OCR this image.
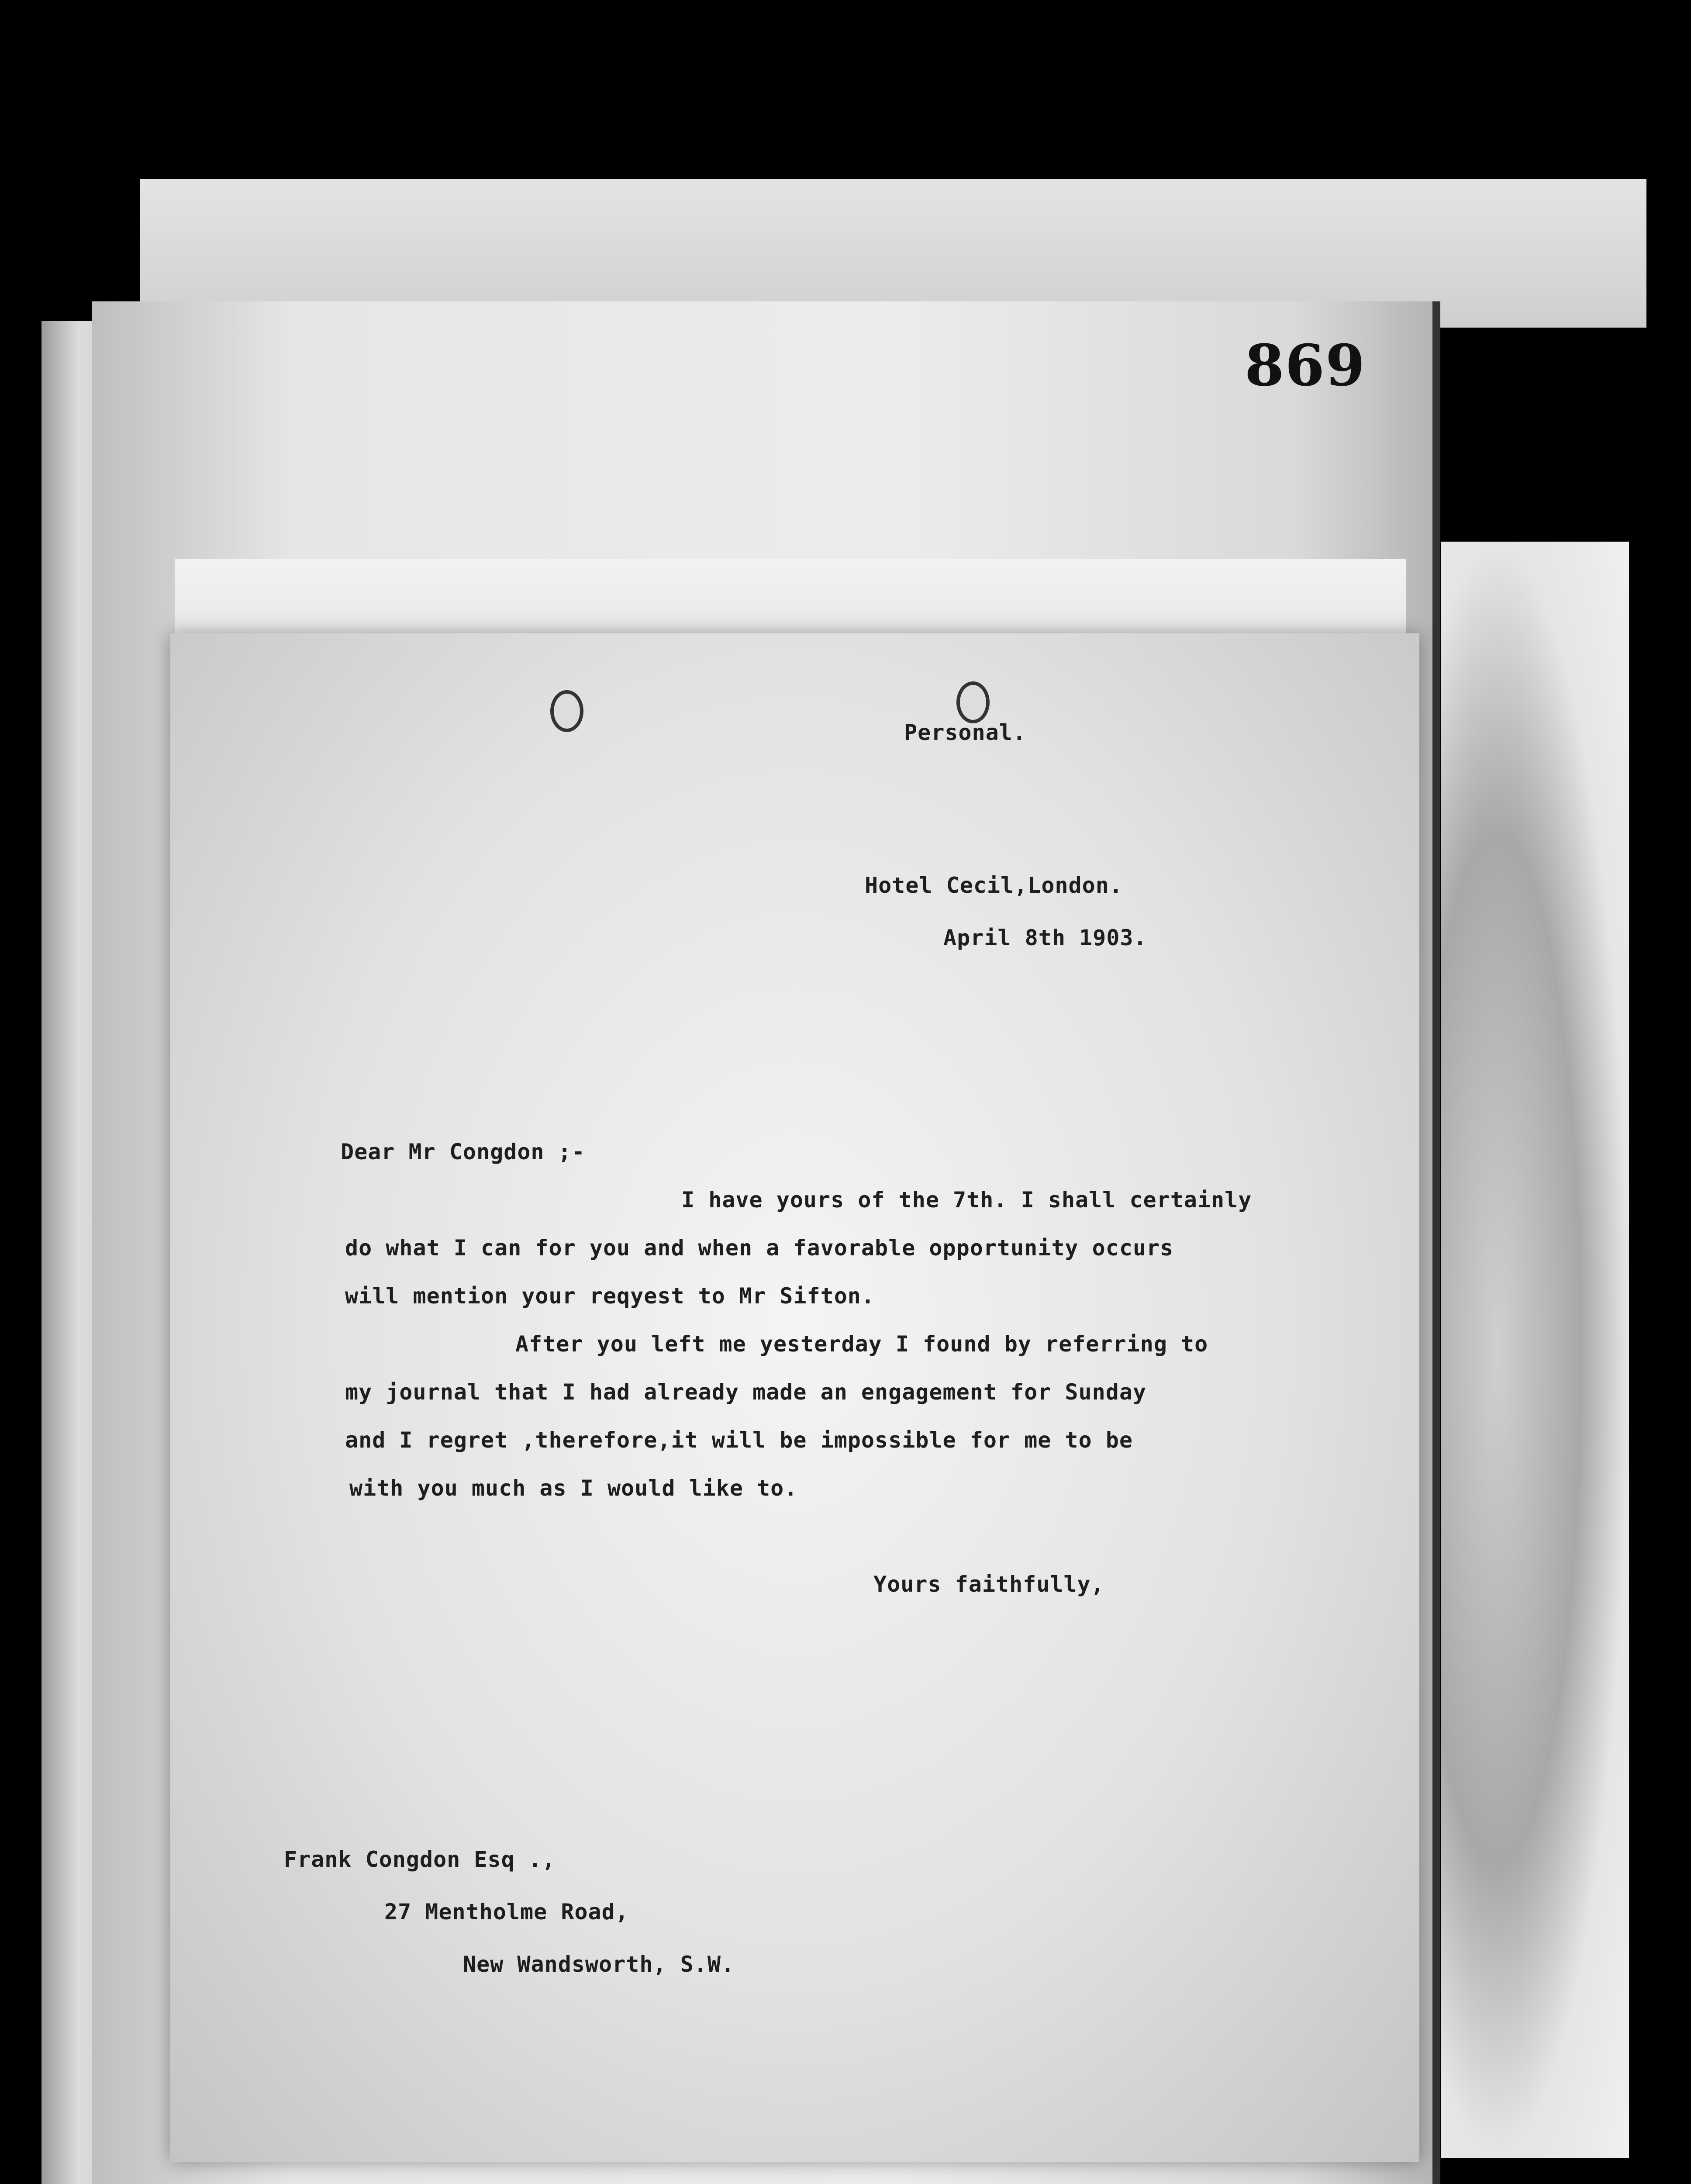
869
Personal.
Hotel Cecil,London.
April 8th 1903.
Dear Mr Congdon ;-
I have yours of the 7th. I shall certainly
do what I can for you and when a favorable opportunity occurs
will mention your reqyest to Mr Sifton.
After you left me yesterday I found by referring to
my journal that I had already made an engagement for Sunday
and I regret ,therefore,it will be impossible for me to be
with you much as I would like to.
Yours faithfully,
Frank Congdon Esq .,
27 Mentholme Road,
New Wandsworth, S.W.
